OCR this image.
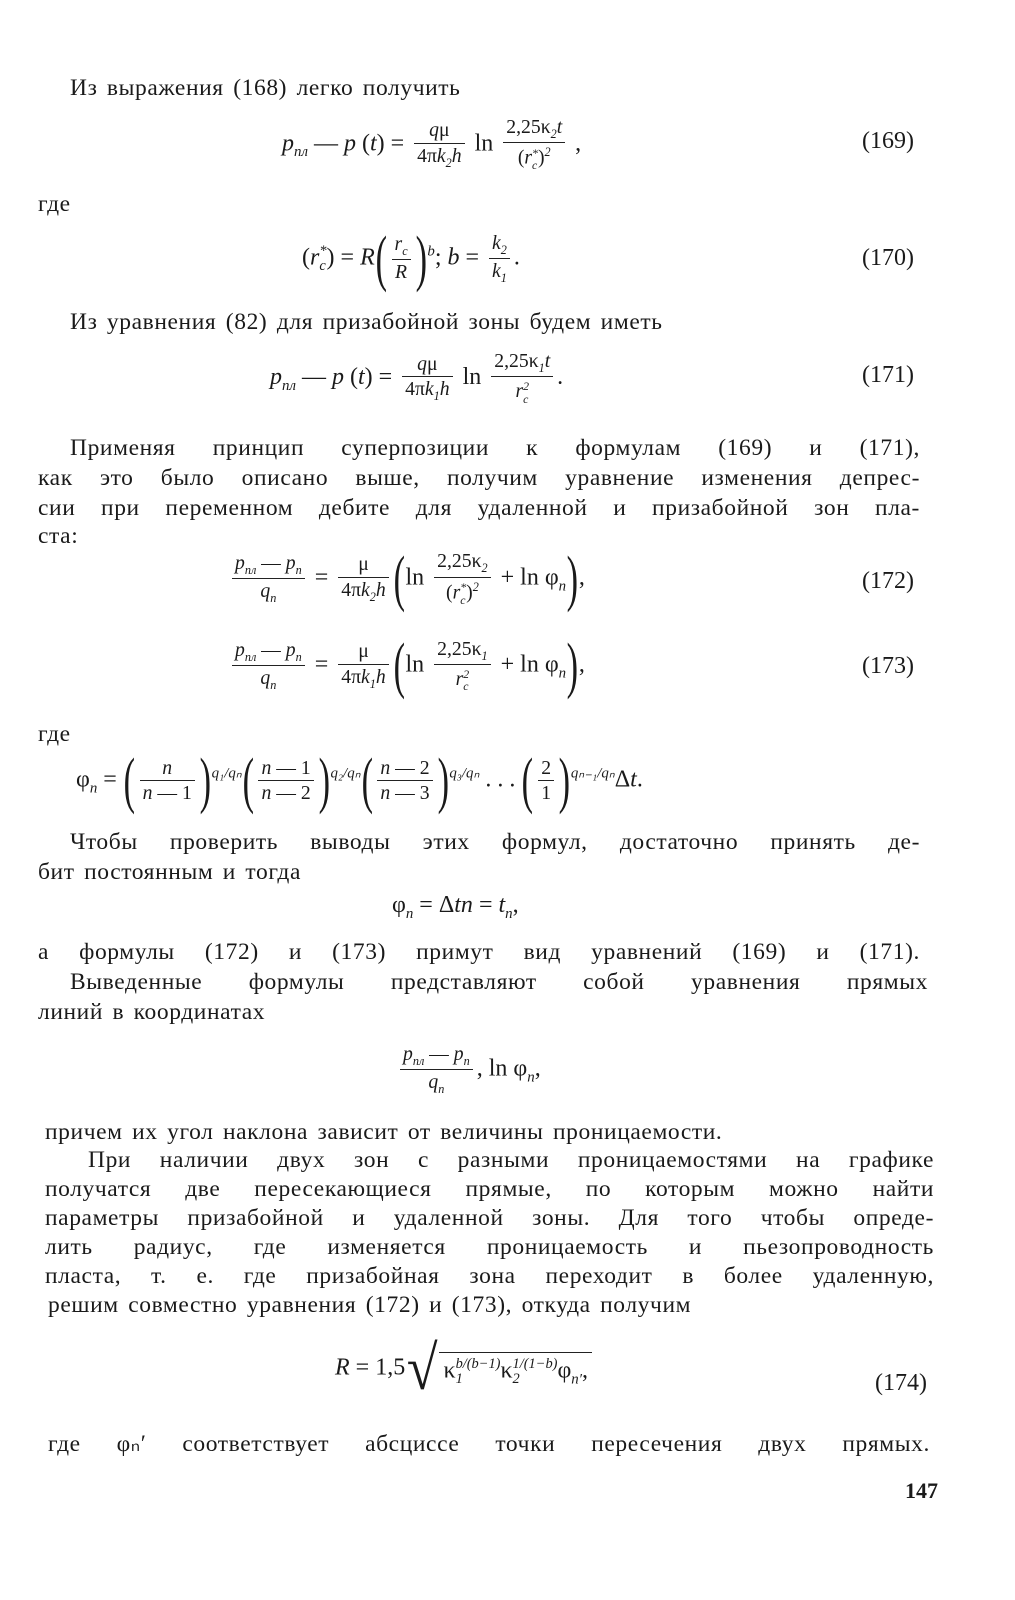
Из выражения (168) легко получить
$p_{пл}$ — p $(t) = \frac{q\mu}{4\pi k_2h}$ $\ln 2,25\kappa_2t$
(r *
c )$^2$ ,	(169)
где
(r *
c ) = $R( \frac{r_c}{R} )^b$; $b = \frac{k_2}{k_1}$ .	(170)
Из уравнения (82) для призабойной зоны будем иметь
$p_{пл}$ — p $(t) = \frac{q\mu}{4\pi k_1h}$ $\ln 2,25\kappa_1t$
r 2
c .	(171)
Применяя принцип суперпозиции к формулам (169) и (171),
как это было описано выше, получим уравнение изменения депрес-
сии при переменном дебите для удаленной и призабойной зон пла-
ста:
$\frac{p_{пл} — p_n}{q_n} = \frac{\mu}{4\pi k_2h} (\ln$ $2,25\kappa_2$
(r *
c )$^2 + \ln \varphi_n$),	(172)
$\frac{p_{пл} — p_n}{q_n} = \frac{\mu}{4\pi k_1h} (\ln$ $2,25\kappa_1$
r 2
$c + \ln \varphi_n$),	(173)
где
$\varphi_n$ = ( $\frac{n}{n — 1} )^{q_1/q_n}( \frac{n — 1}{n — 2} )^{q_2/q_n}( \frac{n — 2}{n — 3} )^{q_3/q_n}$ . . . ( $\frac{2}{1} )^{q_{n-1}/q_n}\Delta t$.
Чтобы проверить выводы этих формул, достаточно принять де-
бит постоянным и тогда
$\varphi_n = \Delta tn = t_n$,
а формулы (172) и (173) примут вид уравнений (169) и (171).
Выведенные формулы представляют собой уравнения прямых
линий в координатах
$\frac{p_{пл} — p_n}{q_n}$ , $\ln \varphi_n$,
причем их угол наклона зависит от величины проницаемости.
При наличии двух зон с разными проницаемостями на графике
получатся две пересекающиеся прямые, по которым можно найти
параметры призабойной и удаленной зоны. Для того чтобы опреде-
лить радиус, где изменяется проницаемость и пьезопроводность
пласта, т. е. где призабойная зона переходит в более удаленную,
решим совместно уравнения (172) и (173), откуда получим
R = 1,5√ κ b/(b−1)
1	κ 1/(1−b)
2	$\varphi_{n'}$,	(174)
где φₙ′ соответствует абсциссе точки пересечения двух прямых.
147
